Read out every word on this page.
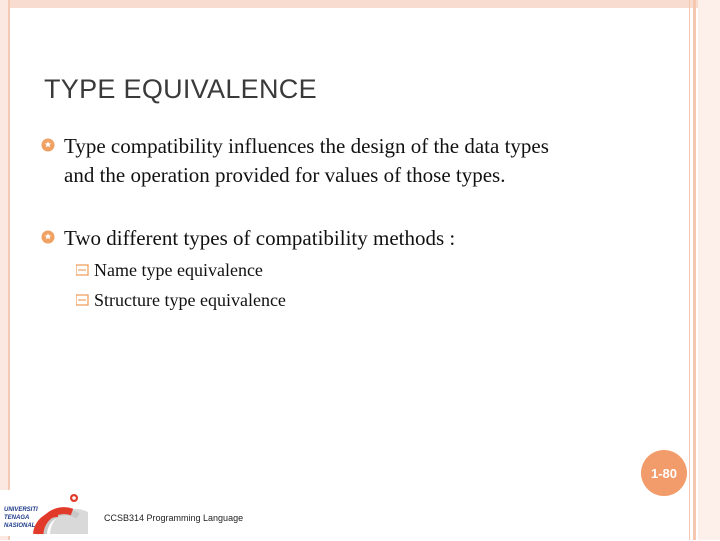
TYPE EQUIVALENCE
Type compatibility influences the design of the data types and the operation provided for values of those types.
Two different types of compatibility methods :
Name type equivalence
Structure type equivalence
1-80
UNIVERSITI
TENAGA
NASIONAL
CCSB314 Programming Language
